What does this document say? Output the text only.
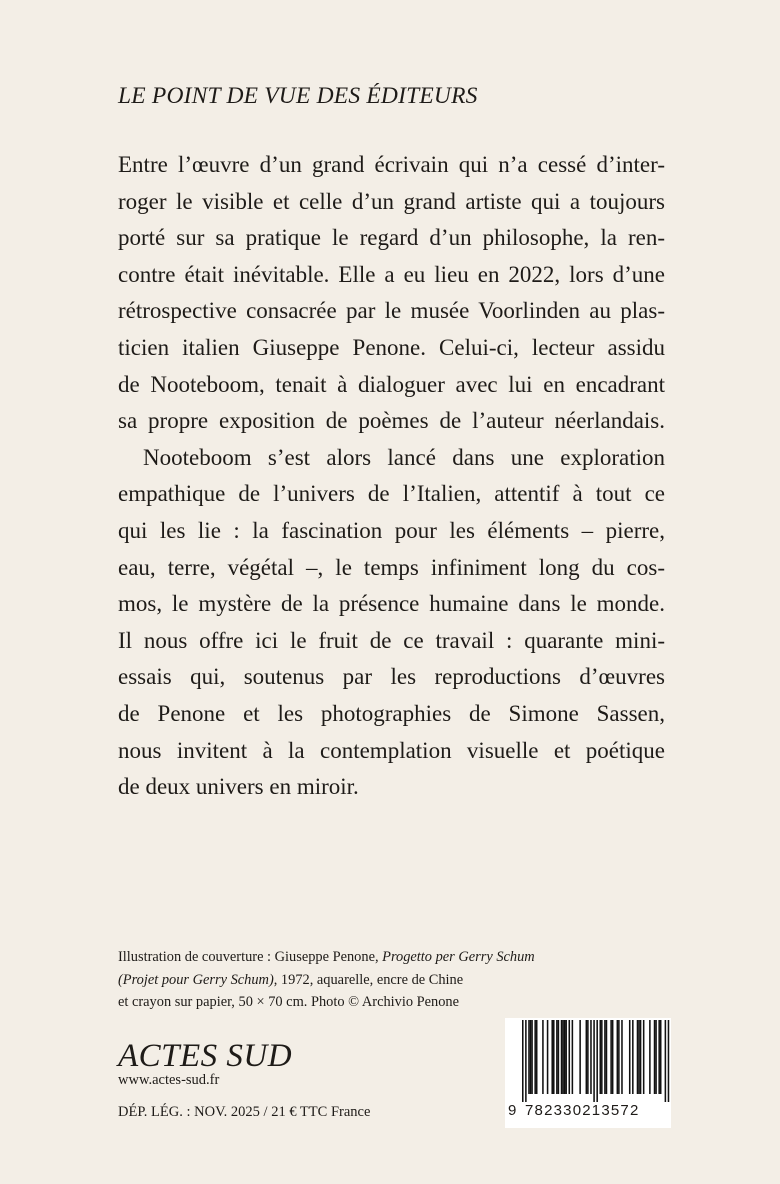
LE POINT DE VUE DES ÉDITEURS

Entre l’œuvre d’un grand écrivain qui n’a cessé d’inter-
roger le visible et celle d’un grand artiste qui a toujours
porté sur sa pratique le regard d’un philosophe, la ren-
contre était inévitable. Elle a eu lieu en 2022, lors d’une
rétrospective consacrée par le musée Voorlinden au plas-
ticien italien Giuseppe Penone. Celui-ci, lecteur assidu
de Nooteboom, tenait à dialoguer avec lui en encadrant
sa propre exposition de poèmes de l’auteur néerlandais.

Nooteboom s’est alors lancé dans une exploration
empathique de l’univers de l’Italien, attentif à tout ce
qui les lie : la fascination pour les éléments – pierre,
eau, terre, végétal –, le temps infiniment long du cos-
mos, le mystère de la présence humaine dans le monde.
Il nous offre ici le fruit de ce travail : quarante mini-
essais qui, soutenus par les reproductions d’œuvres
de Penone et les photographies de Simone Sassen,
nous invitent à la contemplation visuelle et poétique
de deux univers en miroir.

Illustration de couverture : Giuseppe Penone, Progetto per Gerry Schum
(Projet pour Gerry Schum), 1972, aquarelle, encre de Chine
et crayon sur papier, 50 × 70 cm. Photo © Archivio Penone
ACTES SUD
www.actes-sud.fr
DÉP. LÉG. : NOV. 2025 / 21 € TTC France	9 782330213572
